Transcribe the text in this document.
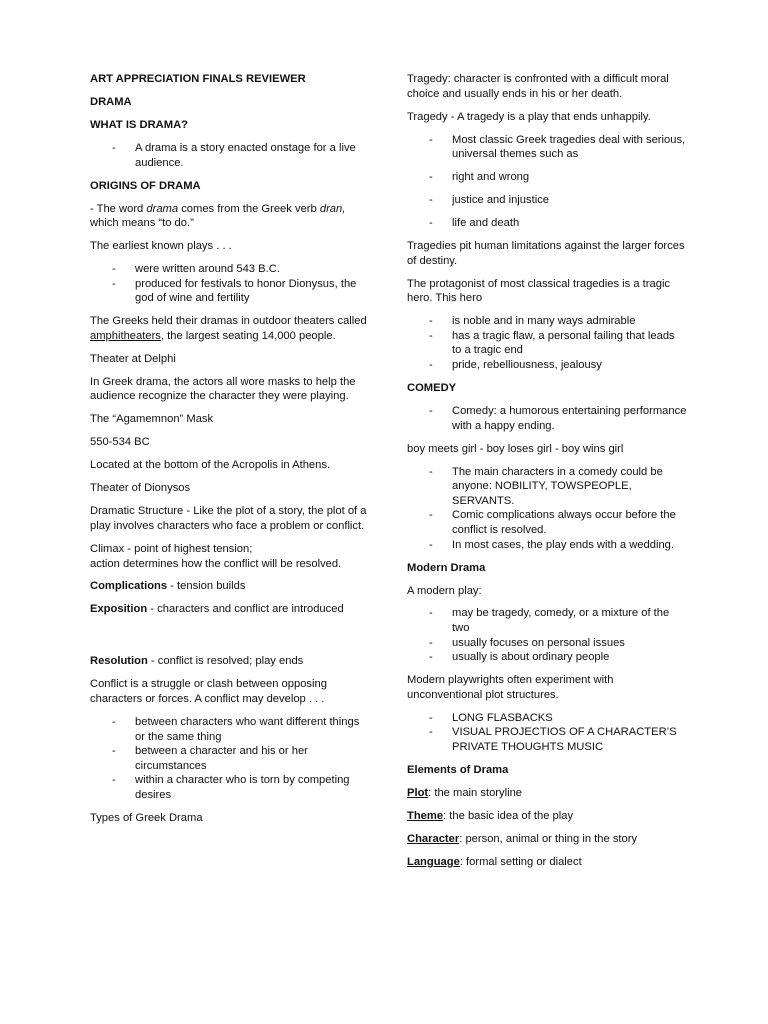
ART APPRECIATION FINALS REVIEWER

DRAMA

WHAT IS DRAMA?

- A drama is a story enacted onstage for a live audience.

ORIGINS OF DRAMA

- The word drama comes from the Greek verb dran, which means “to do.”

The earliest known plays . . .

- were written around 543 B.C.
- produced for festivals to honor Dionysus, the god of wine and fertility

The Greeks held their dramas in outdoor theaters called amphitheaters, the largest seating 14,000 people.

Theater at Delphi

In Greek drama, the actors all wore masks to help the audience recognize the character they were playing.

The “Agamemnon” Mask

550-534 BC

Located at the bottom of the Acropolis in Athens.

Theater of Dionysos

Dramatic Structure - Like the plot of a story, the plot of a play involves characters who face a problem or conflict.

Climax - point of highest tension;
action determines how the conflict will be resolved.

Complications - tension builds

Exposition - characters and conflict are introduced

Resolution - conflict is resolved; play ends

Conflict is a struggle or clash between opposing characters or forces. A conflict may develop . . .

- between characters who want different things or the same thing
- between a character and his or her circumstances
- within a character who is torn by competing desires

Types of Greek Drama

Tragedy: character is confronted with a difficult moral choice and usually ends in his or her death.

Tragedy - A tragedy is a play that ends unhappily.

- Most classic Greek tragedies deal with serious, universal themes such as
- right and wrong
- justice and injustice
- life and death

Tragedies pit human limitations against the larger forces of destiny.

The protagonist of most classical tragedies is a tragic hero. This hero

- is noble and in many ways admirable
- has a tragic flaw, a personal failing that leads to a tragic end
- pride, rebelliousness, jealousy

COMEDY

- Comedy: a humorous entertaining performance with a happy ending.

boy meets girl - boy loses girl - boy wins girl

- The main characters in a comedy could be anyone: NOBILITY, TOWSPEOPLE, SERVANTS.
- Comic complications always occur before the conflict is resolved.
- In most cases, the play ends with a wedding.

Modern Drama

A modern play:

- may be tragedy, comedy, or a mixture of the two
- usually focuses on personal issues
- usually is about ordinary people

Modern playwrights often experiment with unconventional plot structures.

- LONG FLASBACKS
- VISUAL PROJECTIOS OF A CHARACTER’S PRIVATE THOUGHTS MUSIC

Elements of Drama

Plot: the main storyline

Theme: the basic idea of the play

Character: person, animal or thing in the story

Language: formal setting or dialect
